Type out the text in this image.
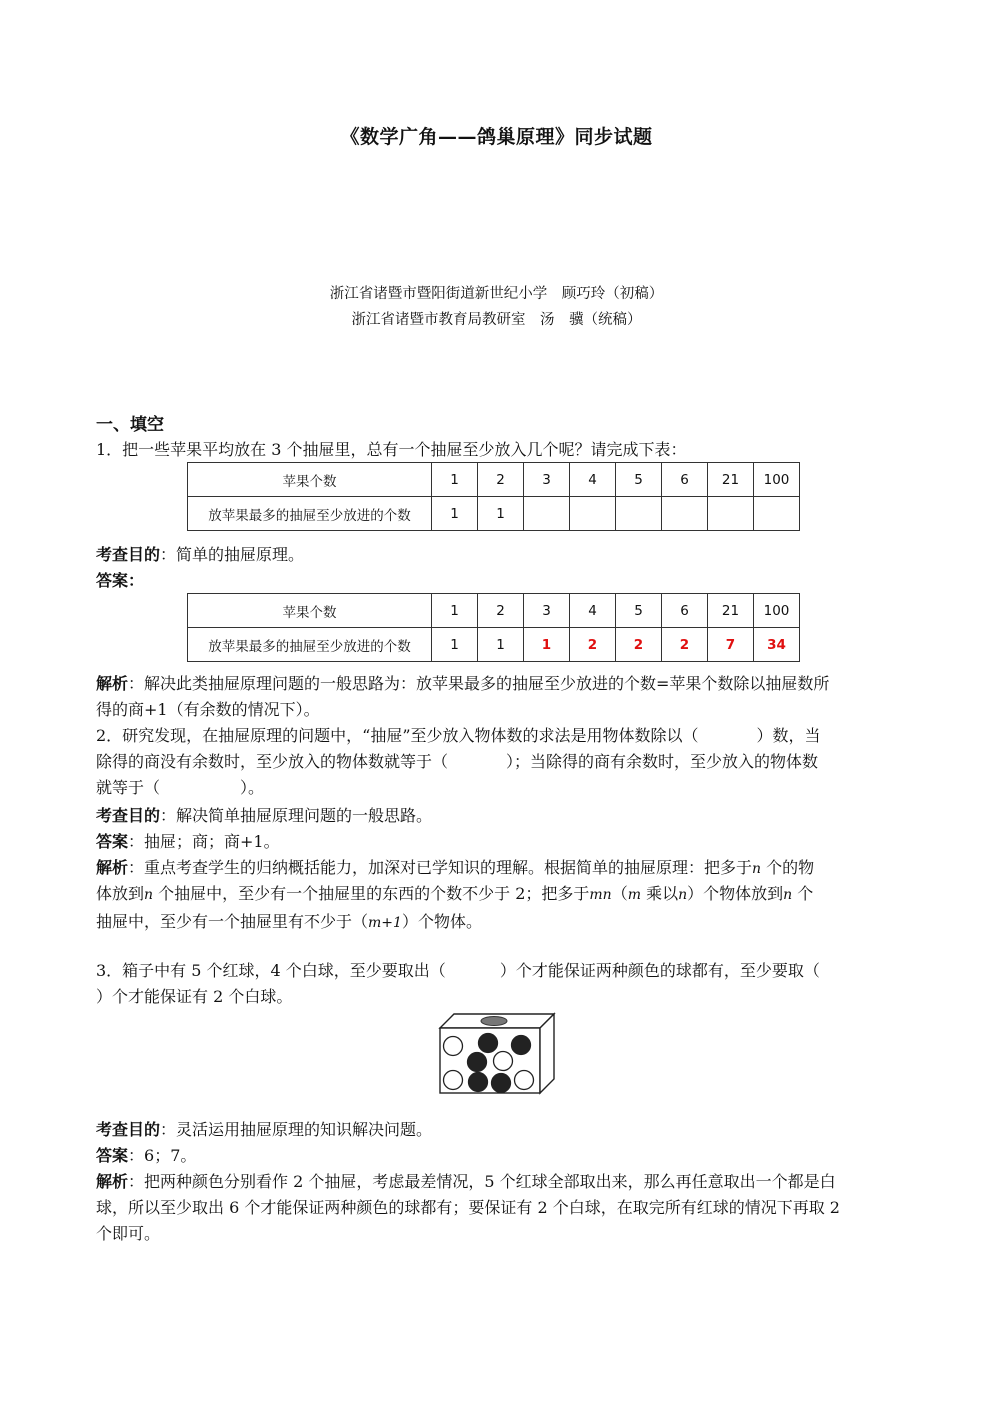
《数学广角——鸽巢原理》同步试题
浙江省诸暨市暨阳街道新世纪小学　顾巧玲（初稿）
浙江省诸暨市教育局教研室　汤　骥（统稿）
一、填空
1．把一些苹果平均放在 3 个抽屉里，总有一个抽屉至少放入几个呢？请完成下表：
苹果个数	1	2	3	4	5	6	21	100
放苹果最多的抽屉至少放进的个数	1	1						
考查目的：简单的抽屉原理。
答案：
苹果个数	1	2	3	4	5	6	21	100
放苹果最多的抽屉至少放进的个数	1	1	1	2	2	2	7	34
解析：解决此类抽屉原理问题的一般思路为：放苹果最多的抽屉至少放进的个数=苹果个数除以抽屉数所
得的商+1（有余数的情况下）。
2．研究发现，在抽屉原理的问题中，“抽屉”至少放入物体数的求法是用物体数除以（	）数，当
除得的商没有余数时，至少放入的物体数就等于（	）；当除得的商有余数时，至少放入的物体数
就等于（	）。
考查目的：解决简单抽屉原理问题的一般思路。
答案：抽屉；商；商+1。
解析：重点考查学生的归纳概括能力，加深对已学知识的理解。根据简单的抽屉原理：把多于n 个的物
体放到n 个抽屉中，至少有一个抽屉里的东西的个数不少于 2；把多于mn（m 乘以n）个物体放到n 个
抽屉中，至少有一个抽屉里有不少于（m+1）个物体。
3．箱子中有 5 个红球，4 个白球，至少要取出（	）个才能保证两种颜色的球都有，至少要取（
）个才能保证有 2 个白球。
考查目的：灵活运用抽屉原理的知识解决问题。
答案：6；7。
解析：把两种颜色分别看作 2 个抽屉，考虑最差情况，5 个红球全部取出来，那么再任意取出一个都是白
球，所以至少取出 6 个才能保证两种颜色的球都有；要保证有 2 个白球，在取完所有红球的情况下再取 2
个即可。
